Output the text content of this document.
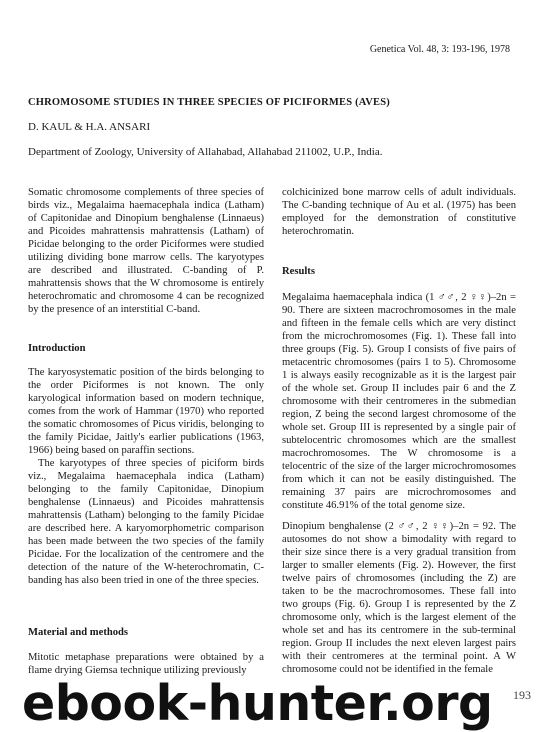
Genetica Vol. 48, 3: 193-196, 1978
CHROMOSOME STUDIES IN THREE SPECIES OF PICIFORMES (AVES)
D. KAUL & H.A. ANSARI
Department of Zoology, University of Allahabad, Allahabad 211002, U.P., India.

Somatic chromosome complements of three species of birds viz., Megalaima haemacephala indica (Latham) of Capitonidae and Dinopium benghalense (Linnaeus) and Picoides mahrattensis mahrattensis (Latham) of Picidae belonging to the order Piciformes were studied utilizing dividing bone marrow cells. The karyotypes are described and illustrated. C-banding of P. mahrattensis shows that the W chromosome is entirely heterochromatic and chromosome 4 can be recognized by the presence of an interstitial C-band.

Introduction

The karyosystematic position of the birds belonging to the order Piciformes is not known. The only karyological information based on modern technique, comes from the work of Hammar (1970) who reported the somatic chromosomes of Picus viridis, belonging to the family Picidae, Jaitly's earlier publications (1963, 1966) being based on paraffin sections.

The karyotypes of three species of piciform birds viz., Megalaima haemacephala indica (Latham) belonging to the family Capitonidae, Dinopium benghalense (Linnaeus) and Picoides mahrattensis mahrattensis (Latham) belonging to the family Picidae are described here. A karyomorphometric comparison has been made between the two species of the family Picidae. For the localization of the centromere and the detection of the nature of the W-heterochromatin, C-banding has also been tried in one of the three species.

Material and methods

Mitotic metaphase preparations were obtained by a flame drying Giemsa technique utilizing previously

colchicinized bone marrow cells of adult individuals. The C-banding technique of Au et al. (1975) has been employed for the demonstration of constitutive heterochromatin.

Results

Megalaima haemacephala indica (1 ♂♂, 2 ♀♀)–2n = 90. There are sixteen macrochromosomes in the male and fifteen in the female cells which are very distinct from the microchromosomes (Fig. 1). These fall into three groups (Fig. 5). Group I consists of five pairs of metacentric chromosomes (pairs 1 to 5). Chromosome 1 is always easily recognizable as it is the largest pair of the whole set. Group II includes pair 6 and the Z chromosome with their centromeres in the submedian region, Z being the second largest chromosome of the whole set. Group III is represented by a single pair of subtelocentric chromosomes which are the smallest macrochromosomes. The W chromosome is a telocentric of the size of the larger microchromosomes from which it can not be easily distinguished. The remaining 37 pairs are microchromosomes and constitute 46.91% of the total genome size.

Dinopium benghalense (2 ♂♂, 2 ♀♀)–2n = 92. The autosomes do not show a bimodality with regard to their size since there is a very gradual transition from larger to smaller elements (Fig. 2). However, the first twelve pairs of chromosomes (including the Z) are taken to be the macrochromosomes. These fall into two groups (Fig. 6). Group I is represented by the Z chromosome only, which is the largest element of the whole set and has its centromere in the sub-terminal region. Group II includes the next eleven largest pairs with their centromeres at the terminal point. A W chromosome could not be identified in the female

193
ebook-hunter.org
